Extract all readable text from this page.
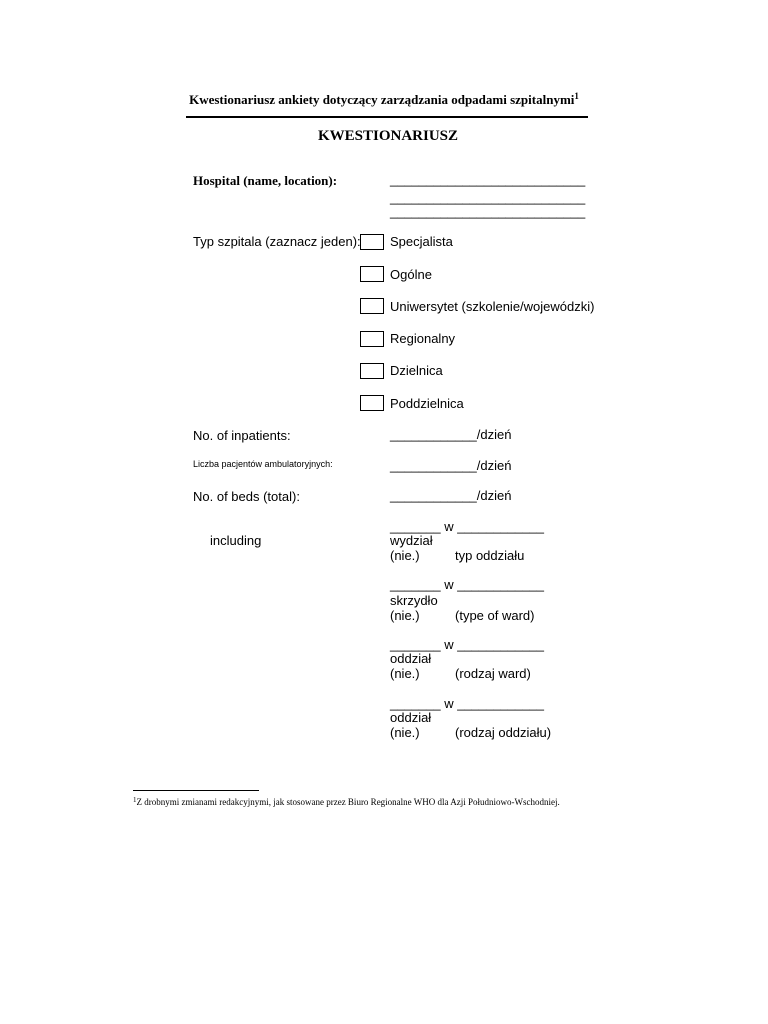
Kwestionariusz ankiety dotyczący zarządzania odpadami szpitalnymi$^1$
KWESTIONARIUSZ
Hospital (name, location):	___________________________
___________________________
___________________________
Typ szpitala (zaznacz jeden): Specjalista
Ogólne
Uniwersytet (szkolenie/wojewódzki)
Regionalny
Dzielnica
Poddzielnica
No. of inpatients:	____________/dzień
Liczba pacjentów ambulatoryjnych:	____________/dzień
No. of beds (total):	____________/dzień
including
_______ w ____________
wydział
(nie.)	typ oddziału
_______ w ____________
skrzydło
(nie.)	(type of ward)
_______ w ____________
oddział
(nie.)	(rodzaj ward)
_______ w ____________
oddział
(nie.)	(rodzaj oddziału)
$^1$Z drobnymi zmianami redakcyjnymi, jak stosowane przez Biuro Regionalne WHO dla Azji Południowo-Wschodniej.
